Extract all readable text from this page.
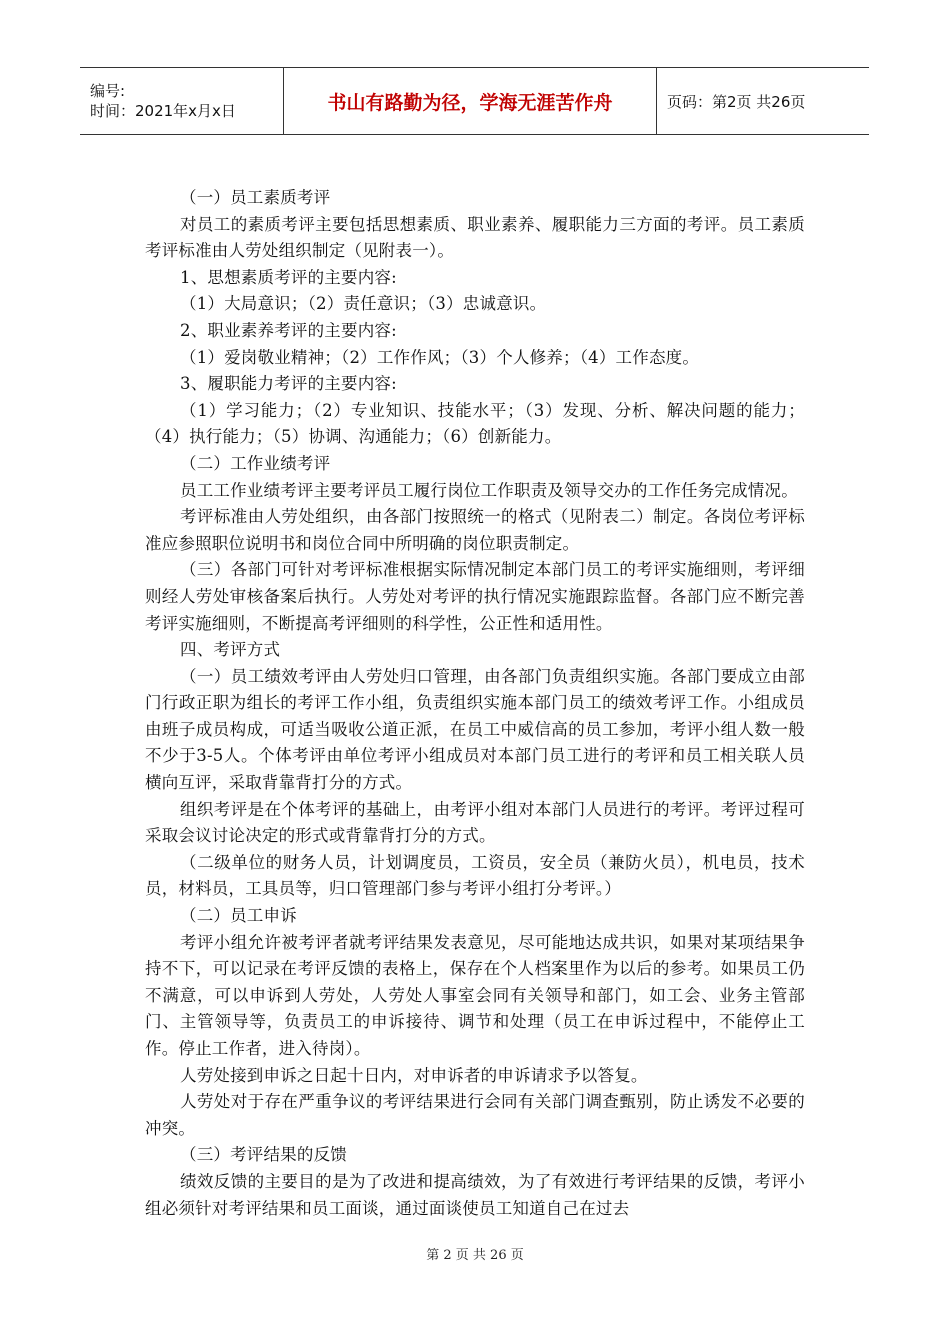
编号:
时间：2021年x月x日	书山有路勤为径，学海无涯苦作舟	页码：第2页 共26页

（一）员工素质考评

对员工的素质考评主要包括思想素质、职业素养、履职能力三方面的考评。员工素质考评标准由人劳处组织制定（见附表一）。

1、思想素质考评的主要内容:

（1）大局意识；（2）责任意识；（3）忠诚意识。

2、职业素养考评的主要内容:

（1）爱岗敬业精神；（2）工作作风；（3）个人修养；（4）工作态度。

3、履职能力考评的主要内容:

（1）学习能力；（2）专业知识、技能水平；（3）发现、分析、解决问题的能力；（4）执行能力；（5）协调、沟通能力；（6）创新能力。

（二）工作业绩考评

员工工作业绩考评主要考评员工履行岗位工作职责及领导交办的工作任务完成情况。

考评标准由人劳处组织，由各部门按照统一的格式（见附表二）制定。各岗位考评标准应参照职位说明书和岗位合同中所明确的岗位职责制定。

（三）各部门可针对考评标准根据实际情况制定本部门员工的考评实施细则，考评细则经人劳处审核备案后执行。人劳处对考评的执行情况实施跟踪监督。各部门应不断完善考评实施细则，不断提高考评细则的科学性，公正性和适用性。

四、考评方式

（一）员工绩效考评由人劳处归口管理，由各部门负责组织实施。各部门要成立由部门行政正职为组长的考评工作小组，负责组织实施本部门员工的绩效考评工作。小组成员由班子成员构成，可适当吸收公道正派，在员工中威信高的员工参加，考评小组人数一般不少于3-5人。个体考评由单位考评小组成员对本部门员工进行的考评和员工相关联人员横向互评，采取背靠背打分的方式。

组织考评是在个体考评的基础上，由考评小组对本部门人员进行的考评。考评过程可采取会议讨论决定的形式或背靠背打分的方式。

（二级单位的财务人员，计划调度员，工资员，安全员（兼防火员），机电员，技术员，材料员，工具员等，归口管理部门参与考评小组打分考评。）

（二）员工申诉

考评小组允许被考评者就考评结果发表意见，尽可能地达成共识，如果对某项结果争持不下，可以记录在考评反馈的表格上，保存在个人档案里作为以后的参考。如果员工仍不满意，可以申诉到人劳处，人劳处人事室会同有关领导和部门，如工会、业务主管部门、主管领导等，负责员工的申诉接待、调节和处理（员工在申诉过程中，不能停止工作。停止工作者，进入待岗）。

人劳处接到申诉之日起十日内，对申诉者的申诉请求予以答复。

人劳处对于存在严重争议的考评结果进行会同有关部门调查甄别，防止诱发不必要的冲突。

（三）考评结果的反馈

绩效反馈的主要目的是为了改进和提高绩效，为了有效进行考评结果的反馈，考评小组必须针对考评结果和员工面谈，通过面谈使员工知道自己在过去

第 2 页 共 26 页
